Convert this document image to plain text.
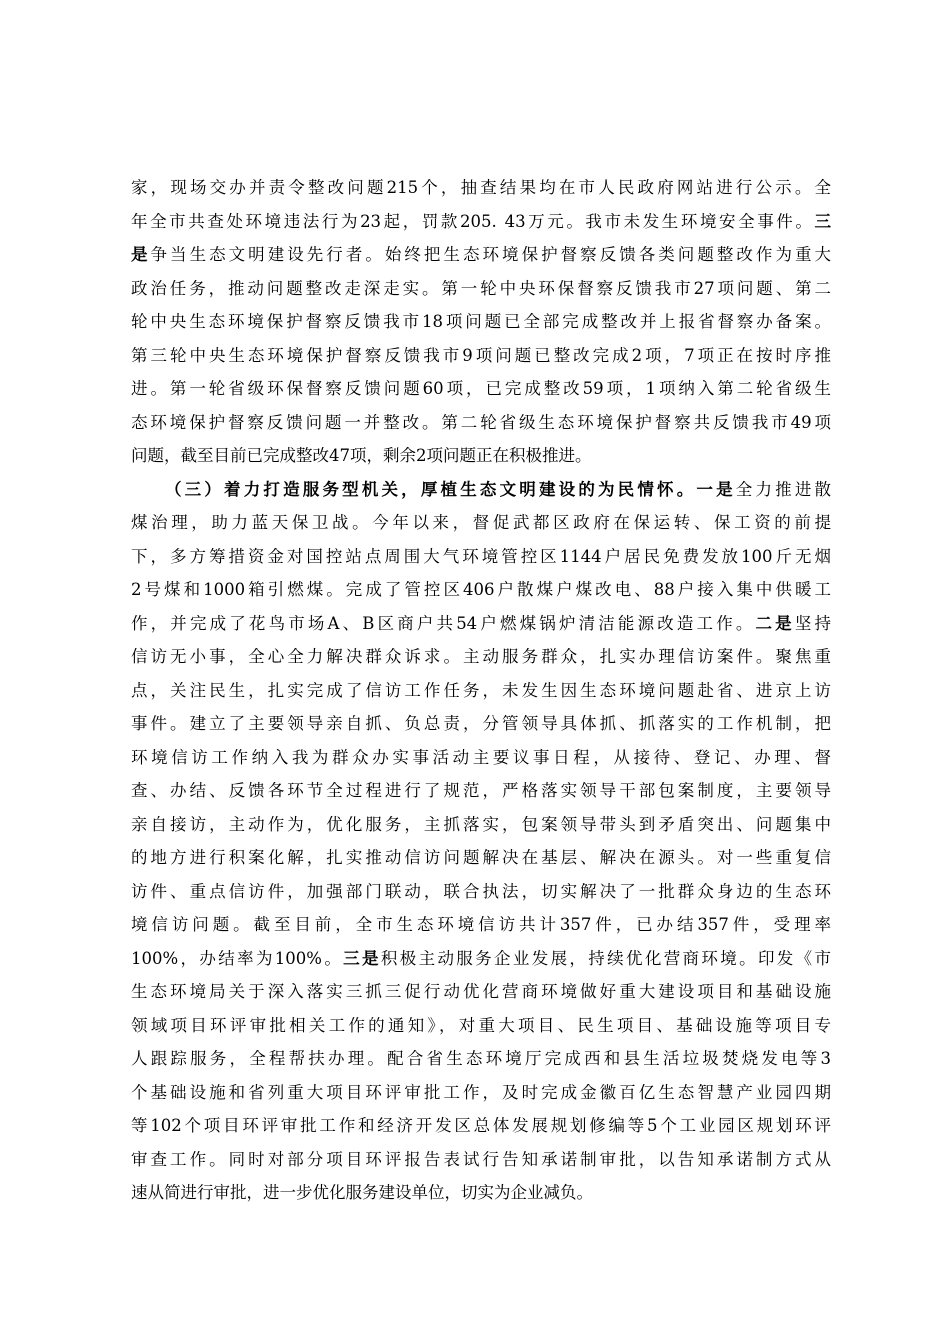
家，现场交办并责令整改问题215个，抽查结果均在市人民政府网站进行公示。全
年全市共查处环境违法行为23起，罚款205. 43万元。我市未发生环境安全事件。三
是争当生态文明建设先行者。始终把生态环境保护督察反馈各类问题整改作为重大
政治任务，推动问题整改走深走实。第一轮中央环保督察反馈我市27项问题、第二
轮中央生态环境保护督察反馈我市18项问题已全部完成整改并上报省督察办备案。
第三轮中央生态环境保护督察反馈我市9项问题已整改完成2项，7项正在按时序推
进。第一轮省级环保督察反馈问题60项，已完成整改59项，1项纳入第二轮省级生
态环境保护督察反馈问题一并整改。第二轮省级生态环境保护督察共反馈我市49项
问题，截至目前已完成整改47项，剩余2项问题正在积极推进。
（三）着力打造服务型机关，厚植生态文明建设的为民情怀。一是全力推进散
煤治理，助力蓝天保卫战。今年以来，督促武都区政府在保运转、保工资的前提
下，多方筹措资金对国控站点周围大气环境管控区1144户居民免费发放100斤无烟
2号煤和1000箱引燃煤。完成了管控区406户散煤户煤改电、88户接入集中供暖工
作，并完成了花鸟市场A、B区商户共54户燃煤锅炉清洁能源改造工作。二是坚持
信访无小事，全心全力解决群众诉求。主动服务群众，扎实办理信访案件。聚焦重
点，关注民生，扎实完成了信访工作任务，未发生因生态环境问题赴省、进京上访
事件。建立了主要领导亲自抓、负总责，分管领导具体抓、抓落实的工作机制，把
环境信访工作纳入我为群众办实事活动主要议事日程，从接待、登记、办理、督
查、办结、反馈各环节全过程进行了规范，严格落实领导干部包案制度，主要领导
亲自接访，主动作为，优化服务，主抓落实，包案领导带头到矛盾突出、问题集中
的地方进行积案化解，扎实推动信访问题解决在基层、解决在源头。对一些重复信
访件、重点信访件，加强部门联动，联合执法，切实解决了一批群众身边的生态环
境信访问题。截至目前，全市生态环境信访共计357件，已办结357件，受理率
100%，办结率为100%。三是积极主动服务企业发展，持续优化营商环境。印发《市
生态环境局关于深入落实三抓三促行动优化营商环境做好重大建设项目和基础设施
领域项目环评审批相关工作的通知》，对重大项目、民生项目、基础设施等项目专
人跟踪服务，全程帮扶办理。配合省生态环境厅完成西和县生活垃圾焚烧发电等3
个基础设施和省列重大项目环评审批工作，及时完成金徽百亿生态智慧产业园四期
等102个项目环评审批工作和经济开发区总体发展规划修编等5个工业园区规划环评
审查工作。同时对部分项目环评报告表试行告知承诺制审批，以告知承诺制方式从
速从简进行审批，进一步优化服务建设单位，切实为企业减负。
